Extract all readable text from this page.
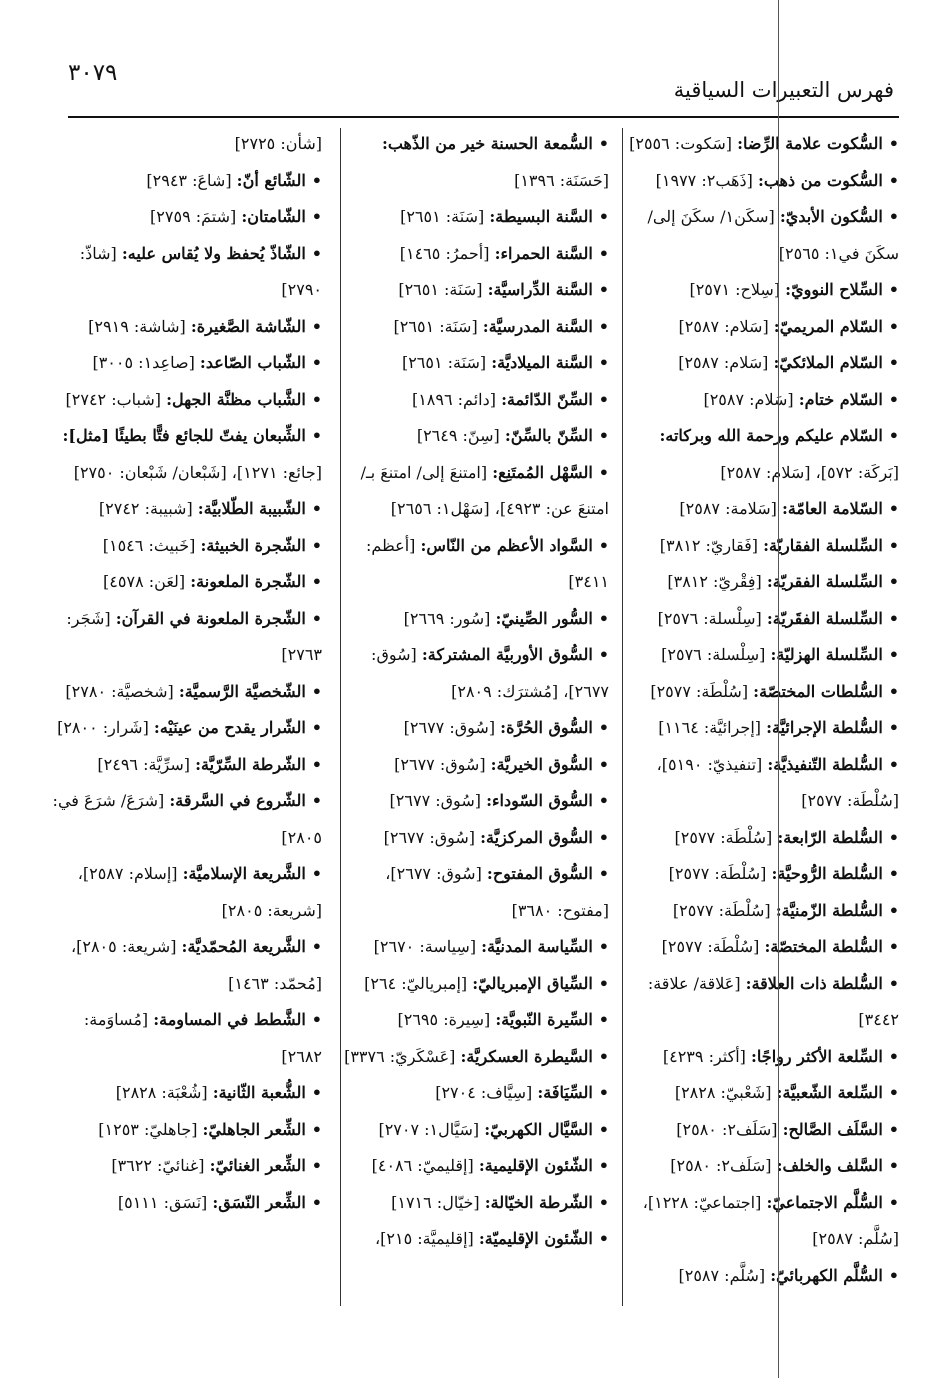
٣٠٧٩
فهرس التعبيرات السياقية

•السُّكوت علامة الرِّضا: [سَكوت: ٢٥٥٦]

•السُّكوت من ذهب: [ذَهَب٢: ١٩٧٧]

•السُّكون الأبديّ: [سكَن١/ سكَنَ إلى/ سكَنَ في١: ٢٥٦٥]

•السِّلاح النوويّ: [سِلاح: ٢٥٧١]

•السّلام المريميّ: [سَلام: ٢٥٨٧]

•السّلام الملائكيّ: [سَلام: ٢٥٨٧]

•السّلام ختام: [سَلام: ٢٥٨٧]

•السّلام عليكم ورحمة الله وبركاته: [بَركَة: ٥٧٢]، [سَلام: ٢٥٨٧]

•السّلامة العامّة: [سَلامة: ٢٥٨٧]

•السِّلسلة الفقاريّة: [فَقاريّ: ٣٨١٢]

•السِّلسلة الفقريّة: [فِقْريّ: ٣٨١٢]

•السِّلسلة الفقَريّة: [سِلْسلة: ٢٥٧٦]

•السِّلسلة الهزليّة: [سِلْسلة: ٢٥٧٦]

•السُّلطات المختصّة: [سُلْطَة: ٢٥٧٧]

•السُّلطة الإجرائيَّة: [إجرائيَّة: ١١٦٤]

•السُّلطة التّنفيذيَّة: [تنفيذيّ: ٥١٩٠]، [سُلْطَة: ٢٥٧٧]

•السُّلطة الرّابعة: [سُلْطَة: ٢٥٧٧]

•السُّلطة الرُّوحيَّة: [سُلْطَة: ٢٥٧٧]

•السُّلطة الزّمنيَّة: [سُلْطَة: ٢٥٧٧]

•السُّلطة المختصّة: [سُلْطَة: ٢٥٧٧]

•السُّلطة ذات العلاقة: [عَلاقة/ علاقة: ٣٤٤٢]

•السِّلعة الأكثر رواجًا: [أكثر: ٤٢٣٩]

•السِّلعة الشّعبيَّة: [شَعْبيّ: ٢٨٢٨]

•السَّلَف الصَّالح: [سَلَف٢: ٢٥٨٠]

•السَّلف والخلف: [سَلَف٢: ٢٥٨٠]

•السُّلَّم الاجتماعيّ: [اجتماعيّ: ١٢٢٨]، [سُلَّم: ٢٥٨٧]

•السُّلَّم الكهربائيّ: [سُلَّم: ٢٥٨٧]

•السُّمعة الحسنة خير من الذّهب: [حَسَنَة: ١٣٩٦]

•السَّنة البسيطة: [سَنَة: ٢٦٥١]

•السَّنة الحمراء: [أحمرُ: ١٤٦٥]

•السَّنة الدِّراسيَّة: [سَنَة: ٢٦٥١]

•السَّنة المدرسيَّة: [سَنَة: ٢٦٥١]

•السَّنة الميلاديَّة: [سَنَة: ٢٦٥١]

•السِّنّ الدّائمة: [دائم: ١٨٩٦]

•السِّنّ بالسِّنّ: [سِنّ: ٢٦٤٩]

•السَّهْل المُمتَنِع: [امتنعَ إلى/ امتنعَ بـ/ امتنعَ عن: ٤٩٢٣]، [سَهْل١: ٢٦٥٦]

•السَّواد الأعظم من النّاس: [أعظم: ٣٤١١]

•السُّور الصِّينيّ: [سُور: ٢٦٦٩]

•السُّوق الأوربيَّة المشتركة: [سُوق: ٢٦٧٧]، [مُشترَك: ٢٨٠٩]

•السُّوق الحُرَّة: [سُوق: ٢٦٧٧]

•السُّوق الخيريَّة: [سُوق: ٢٦٧٧]

•السُّوق السّوداء: [سُوق: ٢٦٧٧]

•السُّوق المركزيَّة: [سُوق: ٢٦٧٧]

•السُّوق المفتوح: [سُوق: ٢٦٧٧]، [مفتوح: ٣٦٨٠]

•السِّياسة المدنيَّة: [سِياسة: ٢٦٧٠]

•السِّياق الإمبرياليّ: [إمبرياليّ: ٢٦٤]

•السِّيرة النّبويَّة: [سِيرة: ٢٦٩٥]

•السَّيطرة العسكريَّة: [عَسْكَريّ: ٣٣٧٦]

•السِّيَافَة: [سِيَّاف: ٢٧٠٤]

•السَّيَّال الكهربيّ: [سَيَّال١: ٢٧٠٧]

•الشّئون الإقليمية: [إقليميّ: ٤٠٨٦]

•الشّرطة الخيّالة: [خيّال: ١٧١٦]

•الشّئون الإقليميّة: [إقليميَّة: ٢١٥]،

[شأن: ٢٧٢٥]

•الشّائع أنّ: [شاعَ: ٢٩٤٣]

•الشّامتان: [شتمَ: ٢٧٥٩]

•الشّاذّ يُحفظ ولا يُقاس عليه: [شاذّ: ٢٧٩٠]

•الشّاشة الصَّغيرة: [شاشة: ٢٩١٩]

•الشّباب الصّاعد: [صاعِد١: ٣٠٠٥]

•الشَّباب مظنَّة الجهل: [شباب: ٢٧٤٢]

•الشِّبعان يفتّ للجائع فتًّا بطيئًا [مثل]: [جائع: ١٢٧١]، [شَبْعان/ شَبْعان: ٢٧٥٠]

•الشّبيبة الطّلابيَّة: [شبيبة: ٢٧٤٢]

•الشّجرة الخبيثة: [خَبيث: ١٥٤٦]

•الشّجرة الملعونة: [لعَن: ٤٥٧٨]

•الشّجرة الملعونة في القرآن: [شَجَر: ٢٧٦٣]

•الشّخصيَّة الرَّسميَّة: [شخصيَّة: ٢٧٨٠]

•الشّرار يقدح من عينَيْه: [شَرار: ٢٨٠٠]

•الشّرطة السِّرّيَّة: [سرِّيَّة: ٢٤٩٦]

•الشّروع في السَّرقة: [شرَعَ/ شرَعَ في: ٢٨٠٥]

•الشَّريعة الإسلاميَّة: [إسلام: ٢٥٨٧]، [شريعة: ٢٨٠٥]

•الشَّريعة المُحمّديَّة: [شريعة: ٢٨٠٥]، [مُحمّد: ١٤٦٣]

•الشَّطط في المساومة: [مُساوَمة: ٢٦٨٢]

•الشُّعبة الثّانية: [شُعْبَة: ٢٨٢٨]

•الشِّعر الجاهليّ: [جاهليّ: ١٢٥٣]

•الشِّعر الغنائيّ: [غنائيّ: ٣٦٢٢]

•الشِّعر النّسَق: [نَسَق: ٥١١١]
